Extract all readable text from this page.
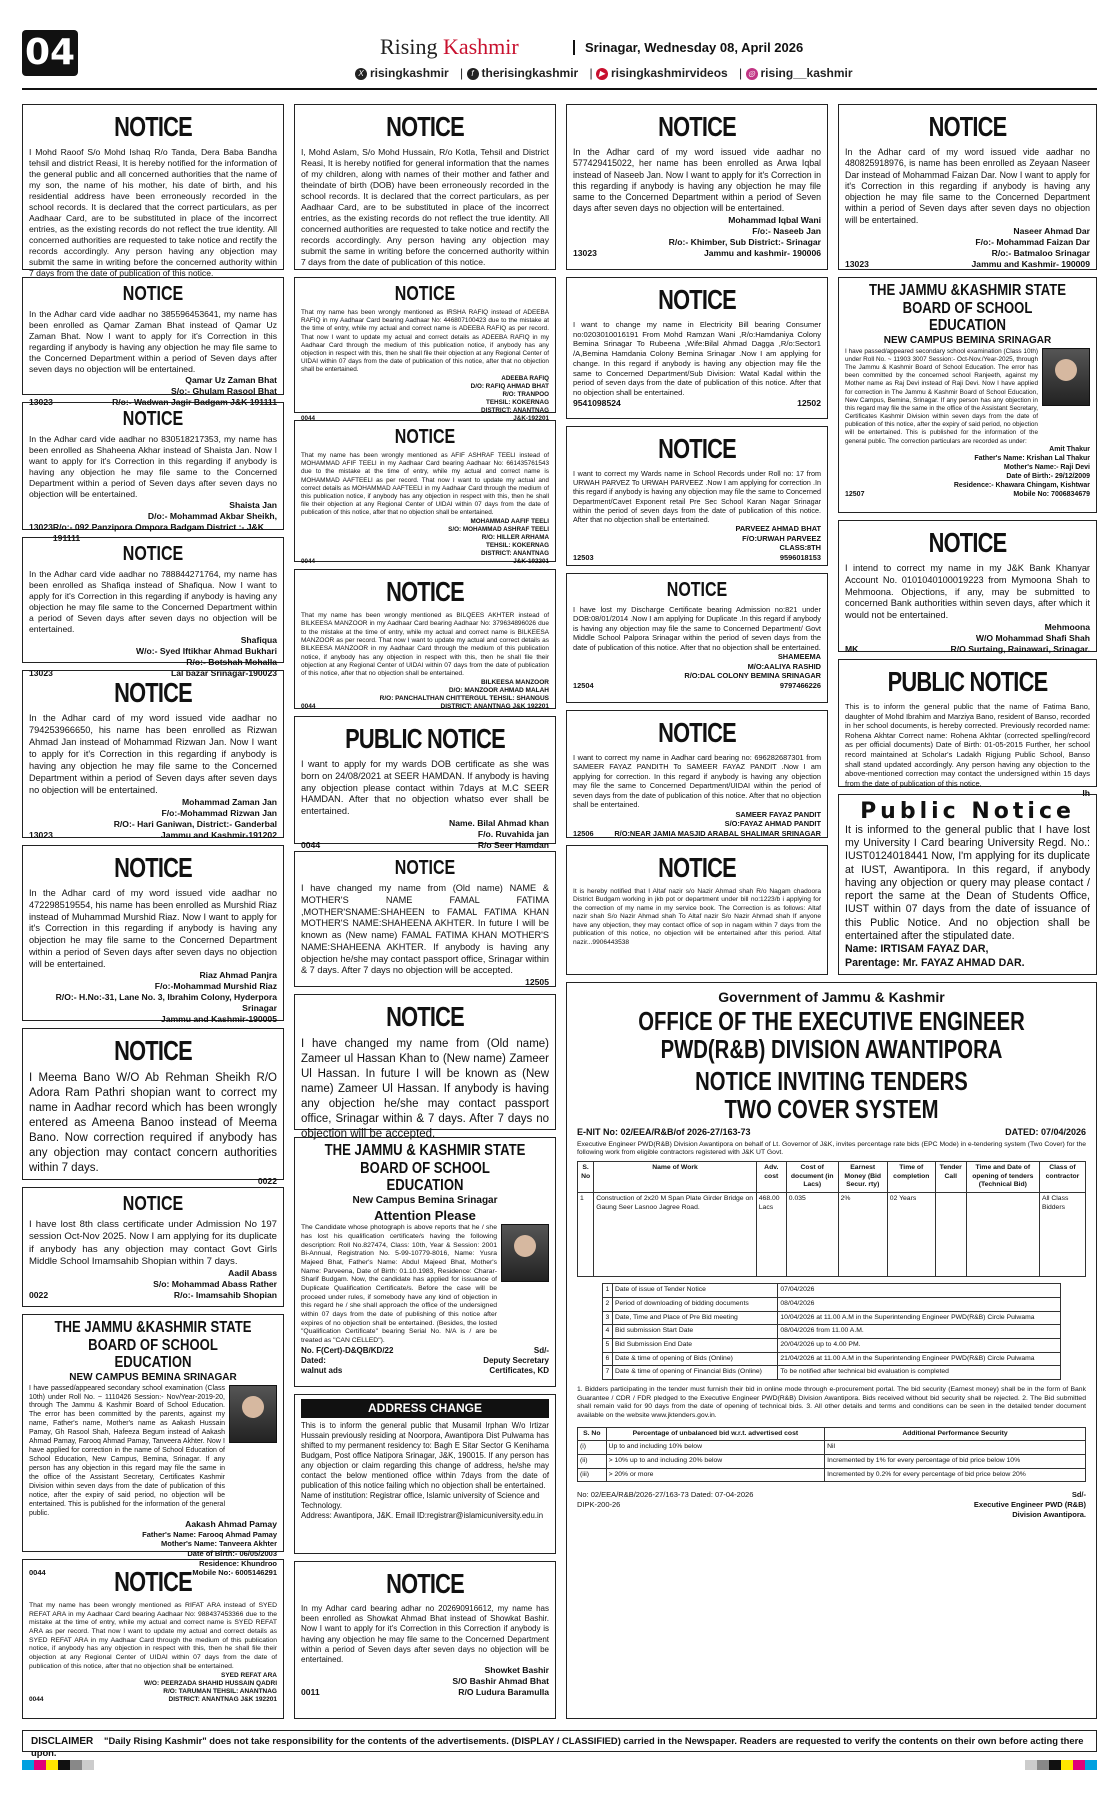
04	Rising Kashmir	Srinagar, Wednesday 08, April 2026
X risingkashmir | f therisingkashmir | ▶ risingkashmirvideos | ◎ rising__kashmir
NOTICE
I Mohd Raoof S/o Mohd Ishaq R/o Tanda, Dera Baba Bandha tehsil and district Reasi, It is hereby notified for the information of the general public and all concerned authorities that the name of my son, the name of his mother, his date of birth, and his residential address have been erroneously recorded in the school records. It is declared that the correct particulars, as per Aadhaar Card, are to be substituted in place of the incorrect entries, as the existing records do not reflect the true identity. All concerned authorities are requested to take notice and rectify the records accordingly. Any person having any objection may submit the same in writing before the concerned authority within 7 days from the date of publication of this notice.
NOTICE
In the Adhar card vide aadhar no 385596453641, my name has been enrolled as Qamar Zaman Bhat instead of Qamar Uz Zaman Bhat. Now I want to apply for it's Correction in this regarding if anybody is having any objection he may file same to the Concerned Department within a period of Seven days after seven days no objection will be entertained.
Qamar Uz Zaman Bhat
S/o:- Ghulam Rasool Bhat
13023	R/o:- Wadwan Jagir Badgam J&K 191111
NOTICE
In the Adhar card vide aadhar no 830518217353, my name has been enrolled as Shaheena Akhar instead of Shaista Jan. Now I want to apply for it's Correction in this regarding if anybody is having any objection he may file same to the Concerned Department within a period of Seven days after seven days no objection will be entertained.
Shaista Jan
D/o:- Mohammad Akbar Sheikh,
13023 R/o:- 092 Panzipora Ompora Badgam District :- J&K 191111
NOTICE
In the Adhar card vide aadhar no 788844271764, my name has been enrolled as Shafiqa instead of Shafiqua. Now I want to apply for it's Correction in this regarding if anybody is having any objection he may file same to the Concerned Department within a period of Seven days after seven days no objection will be entertained.
Shafiqua
W/o:- Syed Iftikhar Ahmad Bukhari
R/o:- Botshah Mohalla
13023	Lal bazar Srinagar-190023
NOTICE
In the Adhar card of my word issued vide aadhar no 794253966650, his name has been enrolled as Rizwan Ahmad Jan instead of Mohammad Rizwan Jan. Now I want to apply for it's Correction in this regarding if anybody is having any objection he may file same to the Concerned Department within a period of Seven days after seven days no objection will be entertained.
Mohammad Zaman Jan
F/o:-Mohammad Rizwan Jan
R/O:- Hari Ganiwan, District:- Ganderbal
13023	Jammu and Kashmir-191202
NOTICE
In the Adhar card of my word issued vide aadhar no 472298519554, his name has been enrolled as Murshid Riaz instead of Muhammad Murshid Riaz. Now I want to apply for it's Correction in this regarding if anybody is having any objection he may file same to the Concerned Department within a period of Seven days after seven days no objection will be entertained.
Riaz Ahmad Panjra
F/o:-Mohammad Murshid Riaz
R/O:- H.No:-31, Lane No. 3, Ibrahim Colony, Hyderpora Srinagar
Jammu and Kashmir-190005
NOTICE
I Meema Bano W/O Ab Rehman Sheikh R/O Adora Ram Pathri shopian want to correct my name in Aadhar record which has been wrongly entered as Ameena Banoo instead of Meema Bano. Now correction required if anybody has any objection may contact concern authorities within 7 days.
0022
NOTICE
I have lost 8th class certificate under Admission No 197 session Oct-Nov 2025. Now I am applying for its duplicate if anybody has any objection may contact Govt Girls Middle School Imamsahib Shopian within 7 days.
Aadil Abass
S/o: Mohammad Abass Rather
0022	R/o:- Imamsahib Shopian
THE JAMMU &KASHMIR STATE BOARD OF SCHOOL EDUCATION
NEW CAMPUS BEMINA SRINAGAR
I have passed/appeared secondary school examination (Class 10th) under Roll No. ~ 1110426 Session:- Nov/Year-2019-20, through The Jammu & Kashmir Board of School Education. The error has been committed by the parents, against my name, Father's name, Mother's name as Aakash Hussain Pamay, Gh Rasool Shah, Hafeeza Begum instead of Aakash Ahmad Pamay, Farooq Ahmad Pamay, Tanveera Akhter. Now I have applied for correction in the name of School Education of School Education, New Campus, Bemina, Srinagar. If any person has any objection in this regard may file the same in the office of the Assistant Secretary, Certificates Kashmir Division within seven days from the date of publication of this notice, after the expiry of said period, no objection will be entertained. This is published for the information of the general public.
Aakash Ahmad Pamay
Father's Name: Farooq Ahmad Pamay
Mother's Name: Tanveera Akhter
Date of Birth:- 06/05/2003
Residence: Khundroo
0044	Mobile No:- 6005146291
NOTICE
That my name has been wrongly mentioned as RIFAT ARA instead of SYED REFAT ARA in my Aadhaar Card bearing Aadhaar No: 988437453366 due to the mistake at the time of entry, while my actual and correct name is SYED REFAT ARA as per record. That now I want to update my actual and correct details as SYED REFAT ARA in my Aadhaar Card through the medium of this publication notice, if anybody has any objection in respect with this, then he shall file their objection at any Regional Center of UIDAI within 07 days from the date of publication of this notice, after that no objection shall be entertained.
SYED REFAT ARA
W/O: PEERZADA SHAHID HUSSAIN QADRI
R/O: TARUMAN TEHSIL: ANANTNAG
0044	DISTRICT: ANANTNAG J&K 192201
NOTICE
I, Mohd Aslam, S/o Mohd Hussain, R/o Kotla, Tehsil and District Reasi, It is hereby notified for general information that the names of my children, along with names of their mother and father and theindate of birth (DOB) have been erroneously recorded in the school records. It is declared that the correct particulars, as per Aadhaar Card, are to be substituted in place of the incorrect entries, as the existing records do not reflect the true identity. All concerned authorities are requested to take notice and rectify the records accordingly. Any person having any objection may submit the same in writing before the concerned authority within 7 days from the date of publication of this notice.
NOTICE
That my name has been wrongly mentioned as IRSHA RAFIQ instead of ADEEBA RAFIQ in my Aadhaar Card bearing Aadhaar No: 446807100423 due to the mistake at the time of entry, while my actual and correct name is ADEEBA RAFIQ as per record. That now I want to update my actual and correct details as ADEEBA RAFIQ in my Aadhaar Card through the medium of this publication notice, if anybody has any objection in respect with this, then he shall file their objection at any Regional Center of UIDAI within 07 days from the date of publication of this notice, after that no objection shall be entertained.
ADEEBA RAFIQ
D/O: RAFIQ AHMAD BHAT
R/O: TRANPOO
TEHSIL: KOKERNAG
DISTRICT: ANANTNAG
0044	J&K-192201
NOTICE
That my name has been wrongly mentioned as AFIF ASHRAF TEELI instead of MOHAMMAD AFIF TEELI in my Aadhaar Card bearing Aadhaar No: 661435761543 due to the mistake at the time of entry, while my actual and correct name is MOHAMMAD AAFTEELI as per record. That now I want to update my actual and correct details as MOHAMMAD AAFTEELI in my Aadhaar Card through the medium of this publication notice, if anybody has any objection in respect with this, then he shall file their objection at any Regional Center of UIDAI within 07 days from the date of publication of this notice, after that no objection shall be entertained.
MOHAMMAD AAFIF TEELI
S/O: MOHAMMAD ASHRAF TEELI
R/O: HILLER ARHAMA
TEHSIL: KOKERNAG
DISTRICT: ANANTNAG
0044	J&K-192201
NOTICE
That my name has been wrongly mentioned as BILQEES AKHTER instead of BILKEESA MANZOOR in my Aadhaar Card bearing Aadhaar No: 379634896026 due to the mistake at the time of entry, while my actual and correct name is BILKEESA MANZOOR as per record. That now I want to update my actual and correct details as BILKEESA MANZOOR in my Aadhaar Card through the medium of this publication notice, if anybody has any objection in respect with this, then he shall file their objection at any Regional Center of UIDAI within 07 days from the date of publication of this notice, after that no objection shall be entertained.
BILKEESA MANZOOR
D/O: MANZOOR AHMAD MALAH
R/O: PANCHALTHAN CHITTERGUL TEHSIL: SHANGUS
0044	DISTRICT: ANANTNAG J&K 192201
PUBLIC NOTICE
I want to apply for my wards DOB certificate as she was born on 24/08/2021 at SEER HAMDAN. If anybody is having any objection please contact within 7days at M.C SEER HAMDAN. After that no objection whatso ever shall be entertained.
Name. Bilal Ahmad khan
F/o. Ruvahida jan
0044	R/o Seer Hamdan
NOTICE
I have changed my name from (Old name) NAME & MOTHER'S NAME FAMAL FATIMA ,MOTHER'SNAME:SHAHEEN to FAMAL FATIMA KHAN MOTHER'S NAME:SHAHEENA AKHTER. In future I will be known as (New name) FAMAL FATIMA KHAN MOTHER'S NAME:SHAHEENA AKHTER. If anybody is having any objection he/she may contact passport office, Srinagar within & 7 days. After 7 days no objection will be accepted.
12505
NOTICE
I have changed my name from (Old name) Zameer ul Hassan Khan to (New name) Zameer Ul Hassan. In future I will be known as (New name) Zameer Ul Hassan. If anybody is having any objection he/she may contact passport office, Srinagar within & 7 days. After 7 days no objection will be accepted.
THE JAMMU & KASHMIR STATE BOARD OF SCHOOL EDUCATION
New Campus Bemina Srinagar
Attention Please
The Candidate whose photograph is above reports that he / she has lost his qualification certificate/s having the following description: Roll No.827474, Class: 10th, Year & Session: 2001 Bi-Annual, Registration No. 5-99-10779-8016, Name: Yusra Majeed Bhat, Father's Name: Abdul Majeed Bhat, Mother's Name: Parveena, Date of Birth: 01.10.1983, Residence: Charar-Sharif Budgam. Now, the candidate has applied for issuance of Duplicate Qualification Certificate/s. Before the case will be proceed under rules, if somebody have any kind of objection in this regard he / she shall approach the office of the undersigned within 07 days from the date of publishing of this notice after expires of no objection shall be entertained. (Besides, the losted "Qualification Certificate" bearing Serial No. N/A is / are be treated as "CAN CELLED").
No. F(Cert)-D&QB/KD/22	Sd/-
Dated:	Deputy Secretary
walnut ads	Certificates, KD
ADDRESS CHANGE
This is to inform the general public that Musamil Irphan W/o Irtizar Hussain previously residing at Noorpora, Awantipora Dist Pulwama has shifted to my permanent residency to: Bagh E Sitar Sector G Kenihama Budgam, Post office Natipora Srinagar, J&K, 190015. If any person has any objection or claim regarding this change of address, he/she may contact the below mentioned office within 7days from the date of publication of this notice failing which no objection shall be entertained.
Name of institution: Registrar office, Islamic university of Science and Technology.
Address: Awantipora, J&K. Email ID:registrar@islamicuniversity.edu.in
NOTICE
In my Adhar card bearing adhar no 202690916612, my name has been enrolled as Showkat Ahmad Bhat instead of Showkat Bashir. Now I want to apply for it's Correction in this Correction if anybody is having any objection he may file same to the Concerned Department within a period of Seven days after seven days no objection will be entertained.
Showket Bashir
S/O Bashir Ahmad Bhat
0011	R/O Ludura Baramulla
NOTICE
In the Adhar card of my word issued vide aadhar no 577429415022, her name has been enrolled as Arwa Iqbal instead of Naseeb Jan. Now I want to apply for it's Correction in this regarding if anybody is having any objection he may file same to the Concerned Department within a period of Seven days after seven days no objection will be entertained.
Mohammad Iqbal Wani
F/o:- Naseeb Jan
R/o:- Khimber, Sub District:- Srinagar
13023	Jammu and kashmir- 190006
NOTICE
I want to change my name in Electricity Bill bearing Consumer no:0203010016191 From Mohd Ramzan Wani ,R/o:Hamdaniya Colony Bemina Srinagar To Rubeena ,Wife:Bilal Ahmad Dagga ,R/o:Sector1 /A,Bemina Hamdania Colony Bemina Srinagar .Now I am applying for change. In this regard if anybody is having any objection may file the same to Concerned Department/Sub Division: Watal Kadal within the period of seven days from the date of publication of this notice. After that no objection shall be entertained.
9541098524	12502
NOTICE
I want to correct my Wards name in School Records under Roll no: 17 from URWAH PARVEZ To URWAH PARVEEZ .Now I am applying for correction .In this regard if anybody is having any objection may file the same to Concerned Department/Cavet Exponent retail Pre Sec School Karan Nagar Srinagar within the period of seven days from the date of publication of this notice. After that no objection shall be entertained.
PARVEEZ AHMAD BHAT
F/O:URWAH PARVEEZ
CLASS:8TH
12503	9596018153
NOTICE
I have lost my Discharge Certificate bearing Admission no:821 under DOB:08/01/2014 .Now I am applying for Duplicate .In this regard if anybody is having any objection may file the same to Concerned Department/ Govt Middle School Palpora Srinagar within the period of seven days from the date of publication of this notice. After that no objection shall be entertained.
SHAMEEMA
M/O:AALIYA RASHID
R/O:DAL COLONY BEMINA SRINAGAR
12504	9797466226
NOTICE
I want to correct my name in Aadhar card bearing no: 696282687301 from SAMEER FAYAZ PANDITH To SAMEER FAYAZ PANDIT .Now I am applying for correction. In this regard if anybody is having any objection may file the same to Concerned Department/UIDAI within the period of seven days from the date of publication of this notice. After that no objection shall be entertained.
SAMEER FAYAZ PANDIT
S/O:FAYAZ AHMAD PANDIT
12506	R/O:NEAR JAMIA MASJID ARABAL SHALIMAR SRINAGAR
NOTICE
It is hereby notified that I Altaf nazir s/o Nazir Ahmad shah R/o Nagam chadoora District Budgam working in jkb pot or department under bill no:1223/b i applying for the correction of my name in my service book. The Correction is as follows: Altaf nazir shah S/o Nazir Ahmad shah To Altaf nazir S/o Nazir Ahmad shah If anyone have any objection, they may contact office of sop in nagam within 7 days from the publication of this notice, no objection will be entertained after this period. Altaf nazir...9906443538
NOTICE
In the Adhar card of my word issued vide aadhar no 480825918976, is name has been enrolled as Zeyaan Naseer Dar instead of Mohammad Faizan Dar. Now I want to apply for it's Correction in this regarding if anybody is having any objection he may file same to the Concerned Department within a period of Seven days after seven days no objection will be entertained.
Naseer Ahmad Dar
F/o:- Mohammad Faizan Dar
R/o:- Batmaloo Srinagar
13023	Jammu and Kashmir- 190009
THE JAMMU &KASHMIR STATE BOARD OF SCHOOL EDUCATION
NEW CAMPUS BEMINA SRINAGAR
I have passed/appeared secondary school examination (Class 10th) under Roll No. ~ 11903 3007 Session:- Oct-Nov./Year-2025, through The Jammu & Kashmir Board of School Education. The error has been committed by the concerned school Ranjeeth, against my Mother name as Raj Devi instead of Raji Devi. Now I have applied for correction in The Jammu & Kashmir Board of School Education, New Campus, Bemina, Srinagar. If any person has any objection in this regard may file the same in the office of the Assistant Secretary, Certificates Kashmir Division within seven days from the date of publication of this notice, after the expiry of said period, no objection will be entertained. This is published for the information of the general public. The correction particulars are recorded as under:
Amit Thakur
Father's Name: Krishan Lal Thakur
Mother's Name:- Raji Devi
Date of Birth:- 29/12/2009
Residence:- Khawara Chingam, Kishtwar
12507	Mobile No: 7006834679
NOTICE
I intend to correct my name in my J&K Bank Khanyar Account No. 0101040100019223 from Mymoona Shah to Mehmoona. Objections, if any, may be submitted to concerned Bank authorities within seven days, after which it would not be entertained.
Mehmoona
W/O Mohammad Shafi Shah
MK	R/O Surtaing, Rainawari, Srinagar.
PUBLIC NOTICE
This is to inform the general public that the name of Fatima Bano, daughter of Mohd Ibrahim and Marziya Bano, resident of Banso, recorded in her school documents, is hereby corrected. Previously recorded name: Rohena Akhtar Correct name: Rohena Akhtar (corrected spelling/record as per official documents) Date of Birth: 01-05-2015 Further, her school record maintained at Scholar's Ladakh Rigjung Public School, Banso shall stand updated accordingly. Any person having any objection to the above-mentioned correction may contact the undersigned within 15 days from the date of publication of this notice.
lh
Public Notice
It is informed to the general public that I have lost my University I Card bearing University Regd. No.: IUST0124018441 Now, I'm applying for its duplicate at IUST, Awantipora. In this regard, if anybody having any objection or query may please contact / report the same at the Dean of Students Office, IUST within 07 days from the date of issuance of this Public Notice. And no objection shall be entertained after the stipulated date.
Name: IRTISAM FAYAZ DAR,
Parentage: Mr. FAYAZ AHMAD DAR.
Government of Jammu & Kashmir
OFFICE OF THE EXECUTIVE ENGINEER PWD(R&B) DIVISION AWANTIPORA
NOTICE INVITING TENDERS
TWO COVER SYSTEM
E-NIT No: 02/EEA/R&B/of 2026-27/163-73	DATED: 07/04/2026
Executive Engineer PWD(R&B) Division Awantipora on behalf of Lt. Governor of J&K, invites percentage rate bids (EPC Mode) in e-tendering system (Two Cover) for the following work from eligible contractors registered with J&K UT Govt.
S. No	Name of Work	Adv. cost	Cost of document (in Lacs)	Earnest Money (Bid Secur. rty)	Time of completion	Tender Call	Time and Date of opening of tenders (Technical Bid)	Class of contractor
1	Construction of 2x20 M Span Plate Girder Bridge on Gaung Seer Lasnoo Jagree Road.	468.00 Lacs	0.035	2%	02 Years			All Class Bidders
1	Date of issue of Tender Notice	07/04/2026
2	Period of downloading of bidding documents	08/04/2026
3	Date, Time and Place of Pre Bid meeting	10/04/2026 at 11.00 A.M in the Superintending Engineer PWD(R&B) Circle Pulwama
4	Bid submission Start Date	08/04/2026 from 11.00 A.M.
5	Bid Submission End Date	20/04/2026 up to 4.00 PM.
6	Date & time of opening of Bids (Online)	21/04/2026 at 11.00 A.M in the Superintending Engineer PWD(R&B) Circle Pulwama
7	Date & time of opening of Financial Bids (Online)	To be notified after technical bid evaluation is completed
1. Bidders participating in the tender must furnish their bid in online mode through e-procurement portal. The bid security (Earnest money) shall be in the form of Bank Guarantee / CDR / FDR pledged to the Executive Engineer PWD(R&B) Division Awantipora. Bids received without bid security shall be rejected. 2. The Bid submitted shall remain valid for 90 days from the date of opening of technical bids. 3. All other details and terms and conditions can be seen in the detailed tender document available on the website www.jktenders.gov.in.
S. No	Percentage of unbalanced bid w.r.t. advertised cost	Additional Performance Security
(i)	Up to and including 10% below	Nil
(ii)	> 10% up to and including 20% below	Incremented by 1% for every percentage of bid price below 10%
(iii)	> 20% or more	Incremented by 0.2% for every percentage of bid price below 20%
No: 02/EEA/R&B/2026-27/163-73 Dated: 07-04-2026
DIPK-200-26
Sd/-
Executive Engineer PWD (R&B)
Division Awantipora.
DISCLAIMER "Daily Rising Kashmir" does not take responsibility for the contents of the advertisements. (DISPLAY / CLASSIFIED) carried in the Newspaper. Readers are requested to verify the contents on their own before acting there upon.
